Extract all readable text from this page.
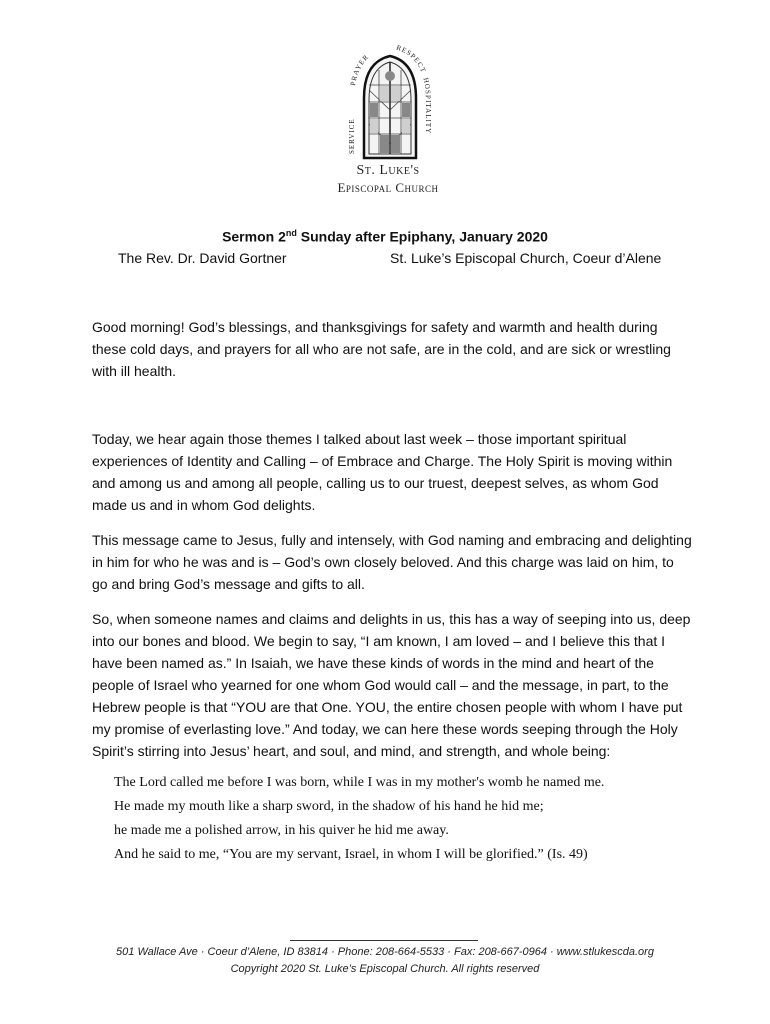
SERVICE
PRAYER
RESPECT
HOSPITALITY
St. Luke's
Episcopal Church
Sermon 2nd Sunday after Epiphany, January 2020
The Rev. Dr. David Gortner	St. Luke’s Episcopal Church, Coeur d’Alene

Good morning! God’s blessings, and thanksgivings for safety and warmth and health during these cold days, and prayers for all who are not safe, are in the cold, and are sick or wrestling with ill health.

Today, we hear again those themes I talked about last week – those important spiritual experiences of Identity and Calling – of Embrace and Charge. The Holy Spirit is moving within and among us and among all people, calling us to our truest, deepest selves, as whom God made us and in whom God delights.

This message came to Jesus, fully and intensely, with God naming and embracing and delighting in him for who he was and is – God’s own closely beloved. And this charge was laid on him, to go and bring God’s message and gifts to all.

So, when someone names and claims and delights in us, this has a way of seeping into us, deep into our bones and blood. We begin to say, “I am known, I am loved – and I believe this that I have been named as.” In Isaiah, we have these kinds of words in the mind and heart of the people of Israel who yearned for one whom God would call – and the message, in part, to the Hebrew people is that “YOU are that One. YOU, the entire chosen people with whom I have put my promise of everlasting love.” And today, we can here these words seeping through the Holy Spirit’s stirring into Jesus’ heart, and soul, and mind, and strength, and whole being:

The Lord called me before I was born, while I was in my mother's womb he named me.
He made my mouth like a sharp sword, in the shadow of his hand he hid me;
he made me a polished arrow, in his quiver he hid me away.
And he said to me, “You are my servant, Israel, in whom I will be glorified.” (Is. 49)
501 Wallace Ave · Coeur d’Alene, ID 83814 · Phone: 208-664-5533 · Fax: 208-667-0964 · www.stlukescda.org
Copyright 2020 St. Luke’s Episcopal Church. All rights reserved
